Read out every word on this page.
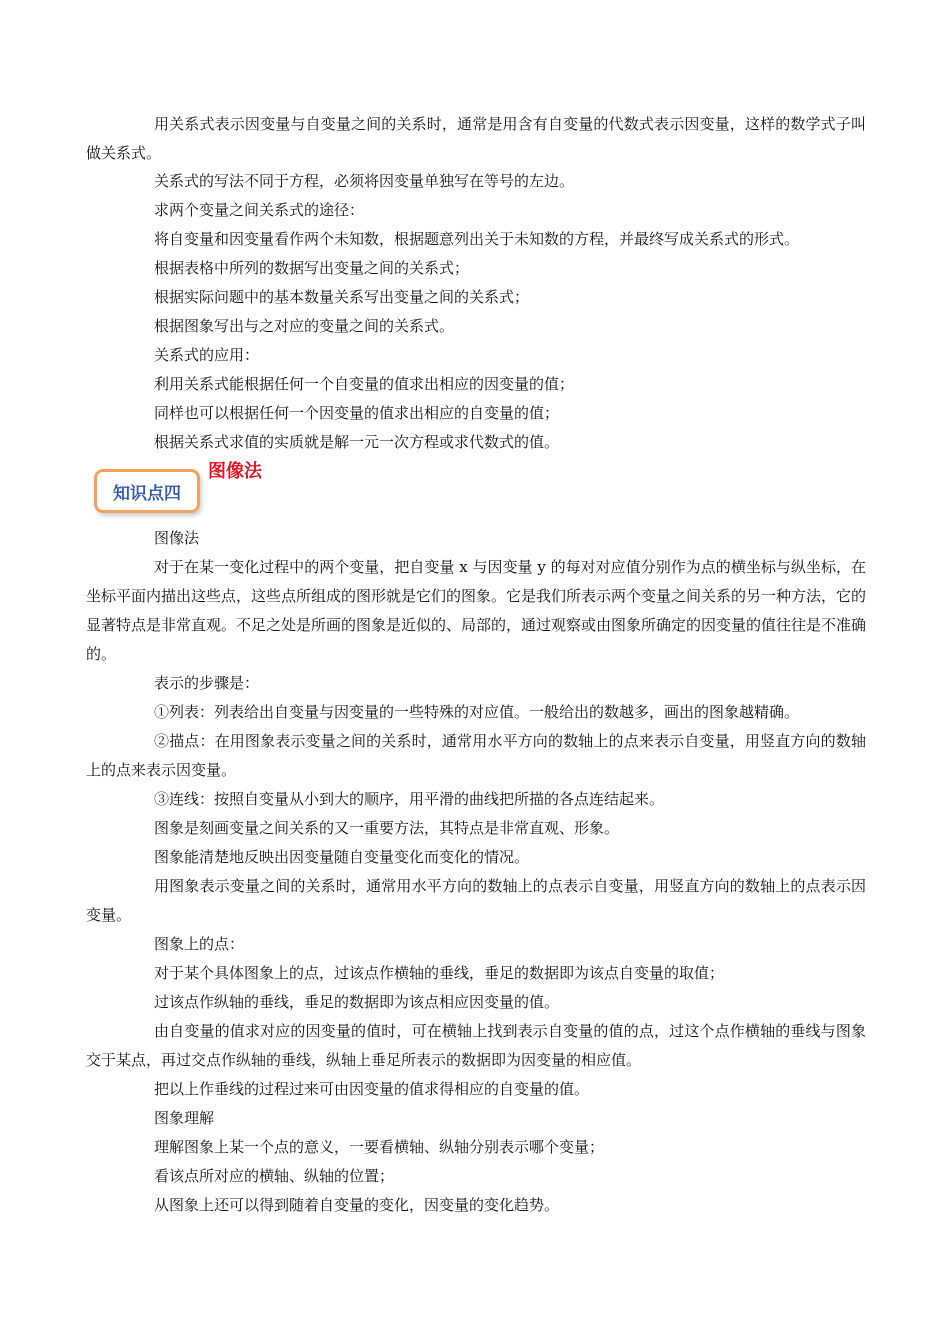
用关系式表示因变量与自变量之间的关系时，通常是用含有自变量的代数式表示因变量，这样的数学式子叫做关系式。
关系式的写法不同于方程，必须将因变量单独写在等号的左边。
求两个变量之间关系式的途径：
将自变量和因变量看作两个未知数，根据题意列出关于未知数的方程，并最终写成关系式的形式。
根据表格中所列的数据写出变量之间的关系式；
根据实际问题中的基本数量关系写出变量之间的关系式；
根据图象写出与之对应的变量之间的关系式。
关系式的应用：
利用关系式能根据任何一个自变量的值求出相应的因变量的值；
同样也可以根据任何一个因变量的值求出相应的自变量的值；
根据关系式求值的实质就是解一元一次方程或求代数式的值。
知识点四
图像法
图像法
对于在某一变化过程中的两个变量，把自变量 x 与因变量 y 的每对对应值分别作为点的横坐标与纵坐标，在坐标平面内描出这些点，这些点所组成的图形就是它们的图象。它是我们所表示两个变量之间关系的另一种方法，它的显著特点是非常直观。不足之处是所画的图象是近似的、局部的，通过观察或由图象所确定的因变量的值往往是不准确的。
表示的步骤是：
①列表：列表给出自变量与因变量的一些特殊的对应值。一般给出的数越多，画出的图象越精确。
②描点：在用图象表示变量之间的关系时，通常用水平方向的数轴上的点来表示自变量，用竖直方向的数轴上的点来表示因变量。
③连线：按照自变量从小到大的顺序，用平滑的曲线把所描的各点连结起来。
图象是刻画变量之间关系的又一重要方法，其特点是非常直观、形象。
图象能清楚地反映出因变量随自变量变化而变化的情况。
用图象表示变量之间的关系时，通常用水平方向的数轴上的点表示自变量，用竖直方向的数轴上的点表示因变量。
图象上的点：
对于某个具体图象上的点，过该点作横轴的垂线，垂足的数据即为该点自变量的取值；
过该点作纵轴的垂线，垂足的数据即为该点相应因变量的值。
由自变量的值求对应的因变量的值时，可在横轴上找到表示自变量的值的点，过这个点作横轴的垂线与图象交于某点，再过交点作纵轴的垂线，纵轴上垂足所表示的数据即为因变量的相应值。
把以上作垂线的过程过来可由因变量的值求得相应的自变量的值。
图象理解
理解图象上某一个点的意义，一要看横轴、纵轴分别表示哪个变量；
看该点所对应的横轴、纵轴的位置；
从图象上还可以得到随着自变量的变化，因变量的变化趋势。
